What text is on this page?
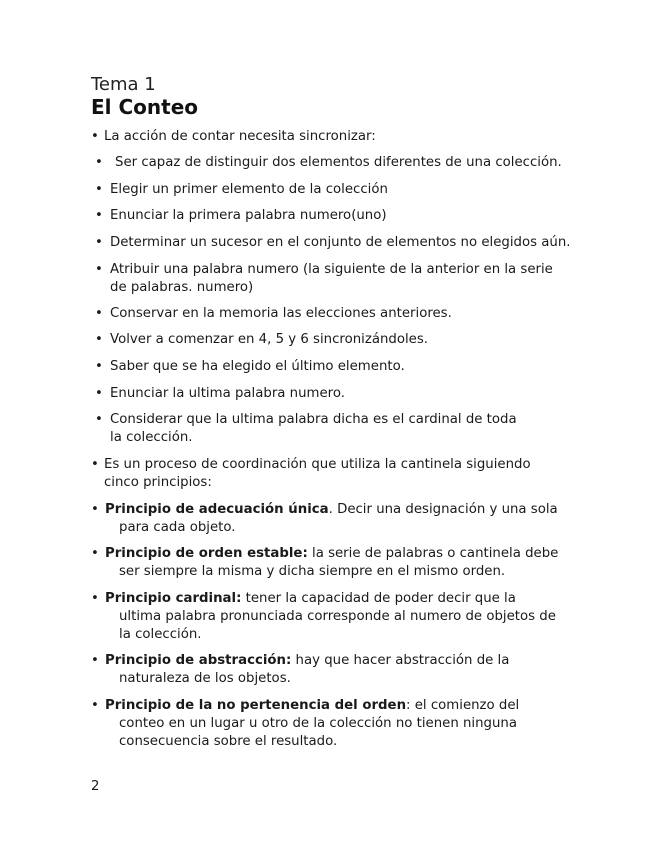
Tema 1
El Conteo
• La acción de contar necesita sincronizar:
• Ser capaz de distinguir dos elementos diferentes de una colección.
• Elegir un primer elemento de la colección
• Enunciar la primera palabra numero(uno)
• Determinar un sucesor en el conjunto de elementos no elegidos aún.
• Atribuir una palabra numero (la siguiente de la anterior en la serie de palabras. numero)
• Conservar en la memoria las elecciones anteriores.
• Volver a comenzar en 4, 5 y 6 sincronizándoles.
• Saber que se ha elegido el último elemento.
• Enunciar la ultima palabra numero.
• Considerar que la ultima palabra dicha es el cardinal de toda la colección.
• Es un proceso de coordinación que utiliza la cantinela siguiendo cinco principios:
• Principio de adecuación única. Decir una designación y una sola para cada objeto.
• Principio de orden estable: la serie de palabras o cantinela debe ser siempre la misma y dicha siempre en el mismo orden.
• Principio cardinal: tener la capacidad de poder decir que la ultima palabra pronunciada corresponde al numero de objetos de la colección.
• Principio de abstracción: hay que hacer abstracción de la naturaleza de los objetos.
• Principio de la no pertenencia del orden: el comienzo del conteo en un lugar u otro de la colección no tienen ninguna consecuencia sobre el resultado.
2
